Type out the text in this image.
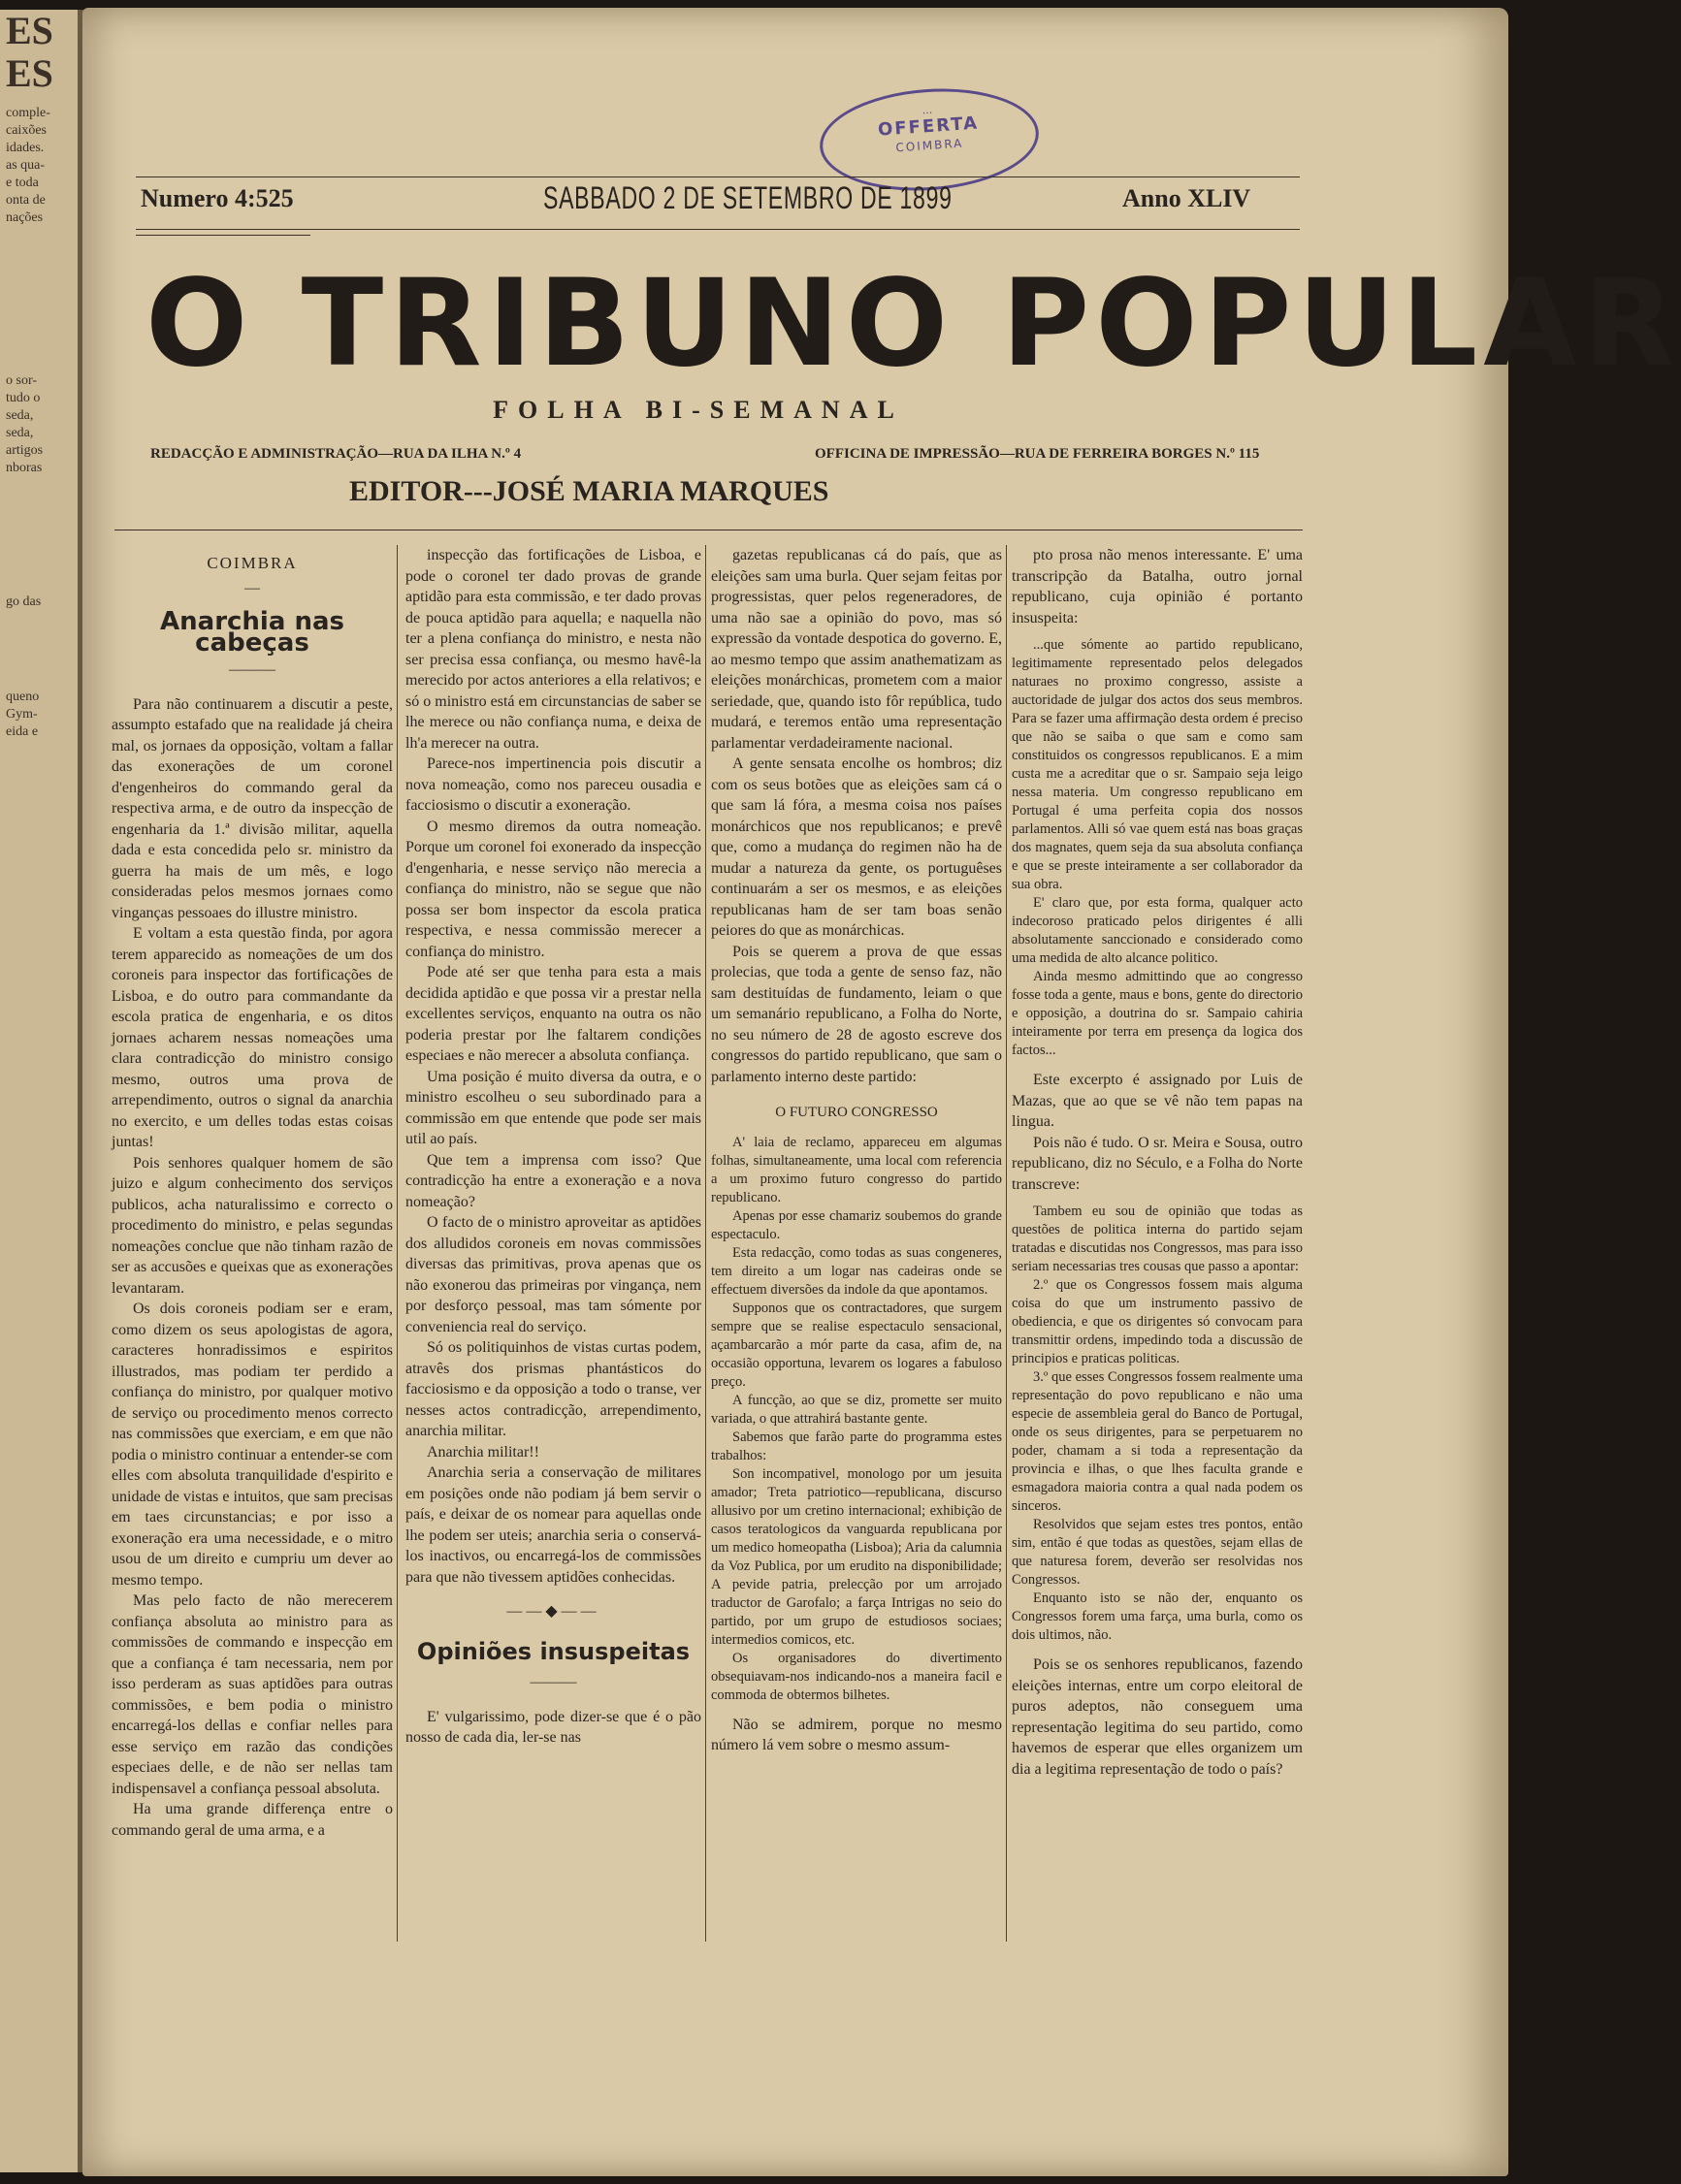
ES
ES
comple-
caixões
idades.
as qua-
e toda
onta de
nações
o sor-
tudo o
seda,
seda,
artigos
nboras
go das
queno
Gym-
eida e
...
OFFERTA
COIMBRA
Numero 4:525	SABBADO 2 DE SETEMBRO DE 1899	Anno XLIV
O TRIBUNO POPULAR
FOLHA BI-SEMANAL
REDACÇÃO E ADMINISTRAÇÃO—RUA DA ILHA N.º 4	OFFICINA DE IMPRESSÃO—RUA DE FERREIRA BORGES N.º 115
EDITOR---JOSÉ MARIA MARQUES
COIMBRA
—
Anarchia nas cabeças
———

Para não continuarem a discutir a peste, assumpto estafado que na realidade já cheira mal, os jornaes da opposição, voltam a fallar das exonerações de um coronel d'engenheiros do commando geral da respectiva arma, e de outro da inspecção de engenharia da 1.ª divisão militar, aquella dada e esta concedida pelo sr. ministro da guerra ha mais de um mês, e logo consideradas pelos mesmos jornaes como vinganças pessoaes do illustre ministro.

E voltam a esta questão finda, por agora terem apparecido as nomeações de um dos coroneis para inspector das fortificações de Lisboa, e do outro para commandante da escola pratica de engenharia, e os ditos jornaes acharem nessas nomeações uma clara contradicção do ministro consigo mesmo, outros uma prova de arrependimento, outros o signal da anarchia no exercito, e um delles todas estas coisas juntas!

Pois senhores qualquer homem de são juizo e algum conhecimento dos serviços publicos, acha naturalissimo e correcto o procedimento do ministro, e pelas segundas nomeações conclue que não tinham razão de ser as accusões e queixas que as exonerações levantaram.

Os dois coroneis podiam ser e eram, como dizem os seus apologistas de agora, caracteres honradissimos e espiritos illustrados, mas podiam ter perdido a confiança do ministro, por qualquer motivo de serviço ou procedimento menos correcto nas commissões que exerciam, e em que não podia o ministro continuar a entender-se com elles com absoluta tranquilidade d'espirito e unidade de vistas e intuitos, que sam precisas em taes circunstancias; e por isso a exoneração era uma necessidade, e o mitro usou de um direito e cumpriu um dever ao mesmo tempo.

Mas pelo facto de não merecerem confiança absoluta ao ministro para as commissões de commando e inspecção em que a confiança é tam necessaria, nem por isso perderam as suas aptidões para outras commissões, e bem podia o ministro encarregá-los dellas e confiar nelles para esse serviço em razão das condições especiaes delle, e de não ser nellas tam indispensavel a confiança pessoal absoluta.

Ha uma grande differença entre o commando geral de uma arma, e a

inspecção das fortificações de Lisboa, e pode o coronel ter dado provas de grande aptidão para esta commissão, e ter dado provas de pouca aptidão para aquella; e naquella não ter a plena confiança do ministro, e nesta não ser precisa essa confiança, ou mesmo havê-la merecido por actos anteriores a ella relativos; e só o ministro está em circunstancias de saber se lhe merece ou não confiança numa, e deixa de lh'a merecer na outra.

Parece-nos impertinencia pois discutir a nova nomeação, como nos pareceu ousadia e facciosismo o discutir a exoneração.

O mesmo diremos da outra nomeação. Porque um coronel foi exonerado da inspecção d'engenharia, e nesse serviço não merecia a confiança do ministro, não se segue que não possa ser bom inspector da escola pratica respectiva, e nessa commissão merecer a confiança do ministro.

Pode até ser que tenha para esta a mais decidida aptidão e que possa vir a prestar nella excellentes serviços, enquanto na outra os não poderia prestar por lhe faltarem condições especiaes e não merecer a absoluta confiança.

Uma posição é muito diversa da outra, e o ministro escolheu o seu subordinado para a commissão em que entende que pode ser mais util ao país.

Que tem a imprensa com isso? Que contradicção ha entre a exoneração e a nova nomeação?

O facto de o ministro aproveitar as aptidões dos alludidos coroneis em novas commissões diversas das primitivas, prova apenas que os não exonerou das primeiras por vingança, nem por desforço pessoal, mas tam sómente por conveniencia real do serviço.

Só os politiquinhos de vistas curtas podem, atravês dos prismas phantásticos do facciosismo e da opposição a todo o transe, ver nesses actos contradicção, arrependimento, anarchia militar.

Anarchia militar!!

Anarchia seria a conservação de militares em posições onde não podiam já bem servir o país, e deixar de os nomear para aquellas onde lhe podem ser uteis; anarchia seria o conservá-los inactivos, ou encarregá-los de commissões para que não tivessem aptidões conhecidas.

——◆——
Opiniões insuspeitas
———

E' vulgarissimo, pode dizer-se que é o pão nosso de cada dia, ler-se nas

gazetas republicanas cá do país, que as eleições sam uma burla. Quer sejam feitas por progressistas, quer pelos regeneradores, de uma não sae a opinião do povo, mas só expressão da vontade despotica do governo. E, ao mesmo tempo que assim anathematizam as eleições monárchicas, prometem com a maior seriedade, que, quando isto fôr república, tudo mudará, e teremos então uma representação parlamentar verdadeiramente nacional.

A gente sensata encolhe os hombros; diz com os seus botões que as eleições sam cá o que sam lá fóra, a mesma coisa nos países monárchicos que nos republicanos; e prevê que, como a mudança do regimen não ha de mudar a natureza da gente, os portuguêses continuarám a ser os mesmos, e as eleições republicanas ham de ser tam boas senão peiores do que as monárchicas.

Pois se querem a prova de que essas prolecias, que toda a gente de senso faz, não sam destituídas de fundamento, leiam o que um semanário republicano, a Folha do Norte, no seu número de 28 de agosto escreve dos congressos do partido republicano, que sam o parlamento interno deste partido:

O FUTURO CONGRESSO

A' laia de reclamo, appareceu em algumas folhas, simultaneamente, uma local com referencia a um proximo futuro congresso do partido republicano.

Apenas por esse chamariz soubemos do grande espectaculo.

Esta redacção, como todas as suas congeneres, tem direito a um logar nas cadeiras onde se effectuem diversões da indole da que apontamos.

Supponos que os contractadores, que surgem sempre que se realise espectaculo sensacional, açambarcarão a mór parte da casa, afim de, na occasião opportuna, levarem os logares a fabuloso preço.

A funcção, ao que se diz, promette ser muito variada, o que attrahirá bastante gente.

Sabemos que farão parte do programma estes trabalhos:

Son incompativel, monologo por um jesuita amador; Treta patriotico—republicana, discurso allusivo por um cretino internacional; exhibição de casos teratologicos da vanguarda republicana por um medico homeopatha (Lisboa); Aria da calumnia da Voz Publica, por um erudito na disponibilidade; A pevide patria, prelecção por um arrojado traductor de Garofalo; a farça Intrigas no seio do partido, por um grupo de estudiosos sociaes; intermedios comicos, etc.

Os organisadores do divertimento obsequiavam-nos indicando-nos a maneira facil e commoda de obtermos bilhetes.

Não se admirem, porque no mesmo número lá vem sobre o mesmo assum-

pto prosa não menos interessante. E' uma transcripção da Batalha, outro jornal republicano, cuja opinião é portanto insuspeita:

...que sómente ao partido republicano, legitimamente representado pelos delegados naturaes no proximo congresso, assiste a auctoridade de julgar dos actos dos seus membros. Para se fazer uma affirmação desta ordem é preciso que não se saiba o que sam e como sam constituidos os congressos republicanos. E a mim custa me a acreditar que o sr. Sampaio seja leigo nessa materia. Um congresso republicano em Portugal é uma perfeita copia dos nossos parlamentos. Alli só vae quem está nas boas graças dos magnates, quem seja da sua absoluta confiança e que se preste inteiramente a ser collaborador da sua obra.

E' claro que, por esta forma, qualquer acto indecoroso praticado pelos dirigentes é alli absolutamente sanccionado e considerado como uma medida de alto alcance politico.

Ainda mesmo admittindo que ao congresso fosse toda a gente, maus e bons, gente do directorio e opposição, a doutrina do sr. Sampaio cahiria inteiramente por terra em presença da logica dos factos...

Este excerpto é assignado por Luis de Mazas, que ao que se vê não tem papas na lingua.

Pois não é tudo. O sr. Meira e Sousa, outro republicano, diz no Século, e a Folha do Norte transcreve:

Tambem eu sou de opinião que todas as questões de politica interna do partido sejam tratadas e discutidas nos Congressos, mas para isso seriam necessarias tres cousas que passo a apontar:

2.º que os Congressos fossem mais alguma coisa do que um instrumento passivo de obediencia, e que os dirigentes só convocam para transmittir ordens, impedindo toda a discussão de principios e praticas politicas.

3.º que esses Congressos fossem realmente uma representação do povo republicano e não uma especie de assembleia geral do Banco de Portugal, onde os seus dirigentes, para se perpetuarem no poder, chamam a si toda a representação da provincia e ilhas, o que lhes faculta grande e esmagadora maioria contra a qual nada podem os sinceros.

Resolvidos que sejam estes tres pontos, então sim, então é que todas as questões, sejam ellas de que naturesa forem, deverão ser resolvidas nos Congressos.

Enquanto isto se não der, enquanto os Congressos forem uma farça, uma burla, como os dois ultimos, não.

Pois se os senhores republicanos, fazendo eleições internas, entre um corpo eleitoral de puros adeptos, não conseguem uma representação legitima do seu partido, como havemos de esperar que elles organizem um dia a legitima representação de todo o país?
